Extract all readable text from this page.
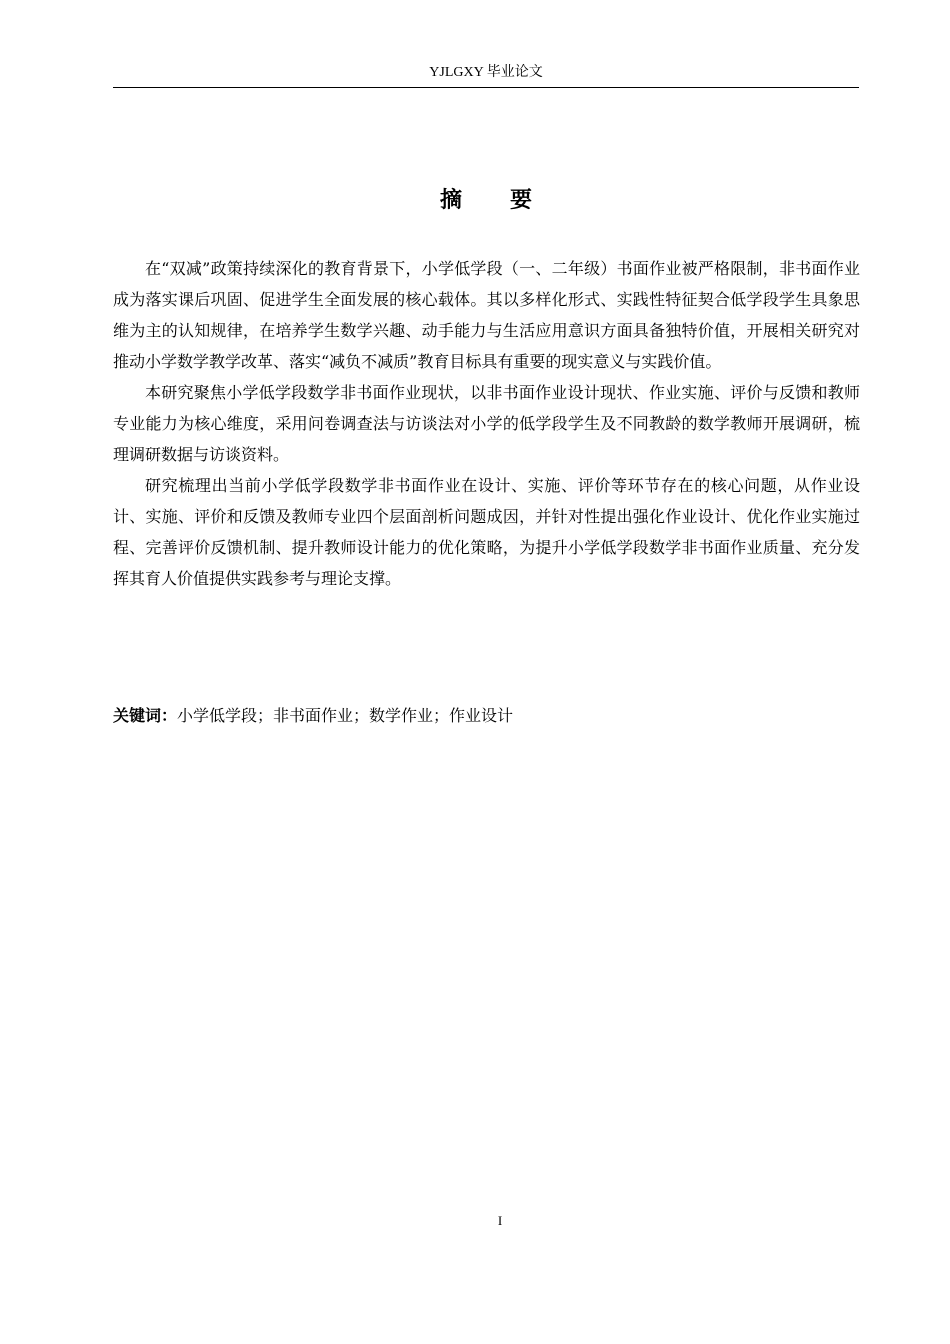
YJLGXY 毕业论文
摘 要

在“双减”政策持续深化的教育背景下，小学低学段（一、二年级）书面作业被严格限制，非书面作业成为落实课后巩固、促进学生全面发展的核心载体。其以多样化形式、实践性特征契合低学段学生具象思维为主的认知规律，在培养学生数学兴趣、动手能力与生活应用意识方面具备独特价值，开展相关研究对推动小学数学教学改革、落实“减负不减质”教育目标具有重要的现实意义与实践价值。

本研究聚焦小学低学段数学非书面作业现状，以非书面作业设计现状、作业实施、评价与反馈和教师专业能力为核心维度，采用问卷调查法与访谈法对小学的低学段学生及不同教龄的数学教师开展调研，梳理调研数据与访谈资料。

研究梳理出当前小学低学段数学非书面作业在设计、实施、评价等环节存在的核心问题，从作业设计、实施、评价和反馈及教师专业四个层面剖析问题成因，并针对性提出强化作业设计、优化作业实施过程、完善评价反馈机制、提升教师设计能力的优化策略，为提升小学低学段数学非书面作业质量、充分发挥其育人价值提供实践参考与理论支撑。

关键词：小学低学段；非书面作业；数学作业；作业设计
I
